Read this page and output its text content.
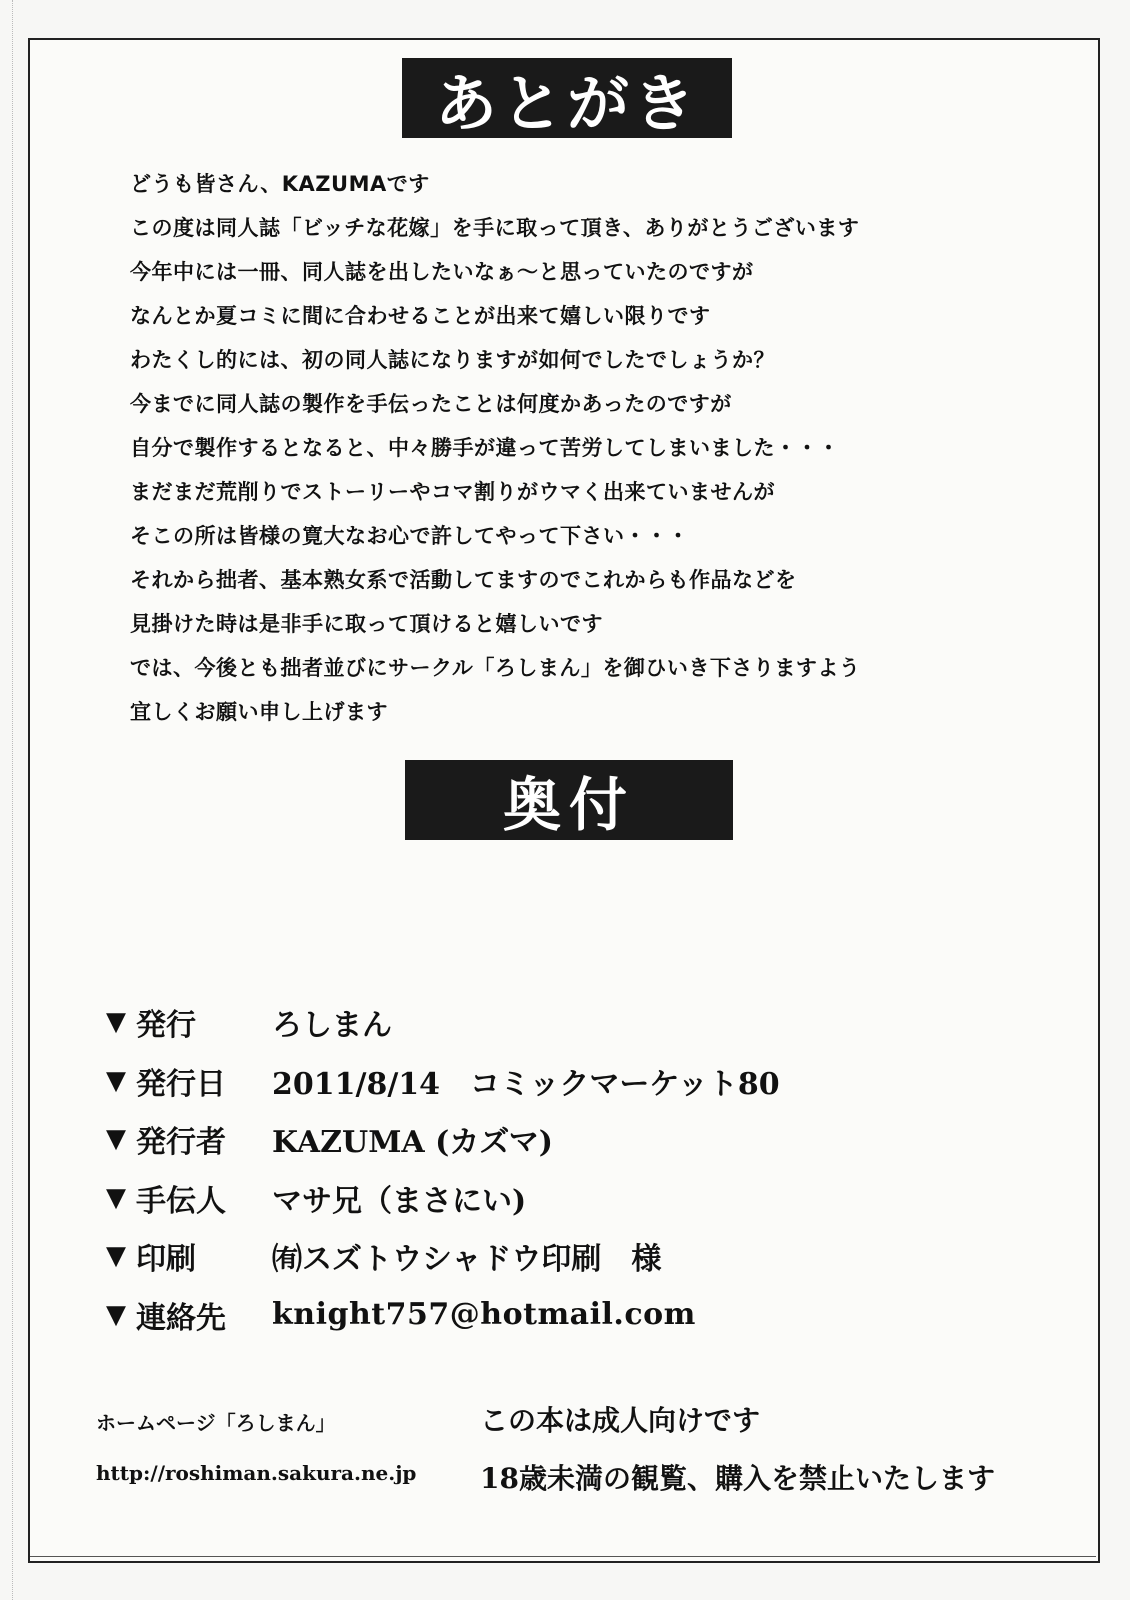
あとがき
どうも皆さん、KAZUMAです
この度は同人誌「ビッチな花嫁」を手に取って頂き、ありがとうございます
今年中には一冊、同人誌を出したいなぁ～と思っていたのですが
なんとか夏コミに間に合わせることが出来て嬉しい限りです
わたくし的には、初の同人誌になりますが如何でしたでしょうか？
今までに同人誌の製作を手伝ったことは何度かあったのですが
自分で製作するとなると、中々勝手が違って苦労してしまいました・・・
まだまだ荒削りでストーリーやコマ割りがウマく出来ていませんが
そこの所は皆様の寛大なお心で許してやって下さい・・・
それから拙者、基本熟女系で活動してますのでこれからも作品などを
見掛けた時は是非手に取って頂けると嬉しいです
では、今後とも拙者並びにサークル「ろしまん」を御ひいき下さりますよう
宜しくお願い申し上げます
奥付
▼ 発行	ろしまん
▼ 発行日	2011/8/14　コミックマーケット80
▼ 発行者	KAZUMA (カズマ)
▼ 手伝人	マサ兄（まさにい)
▼ 印刷	㈲スズトウシャドウ印刷　様
▼ 連絡先	knight757@hotmail.com
ホームページ「ろしまん」
http://roshiman.sakura.ne.jp
この本は成人向けです
18歳未満の観覧、購入を禁止いたします
